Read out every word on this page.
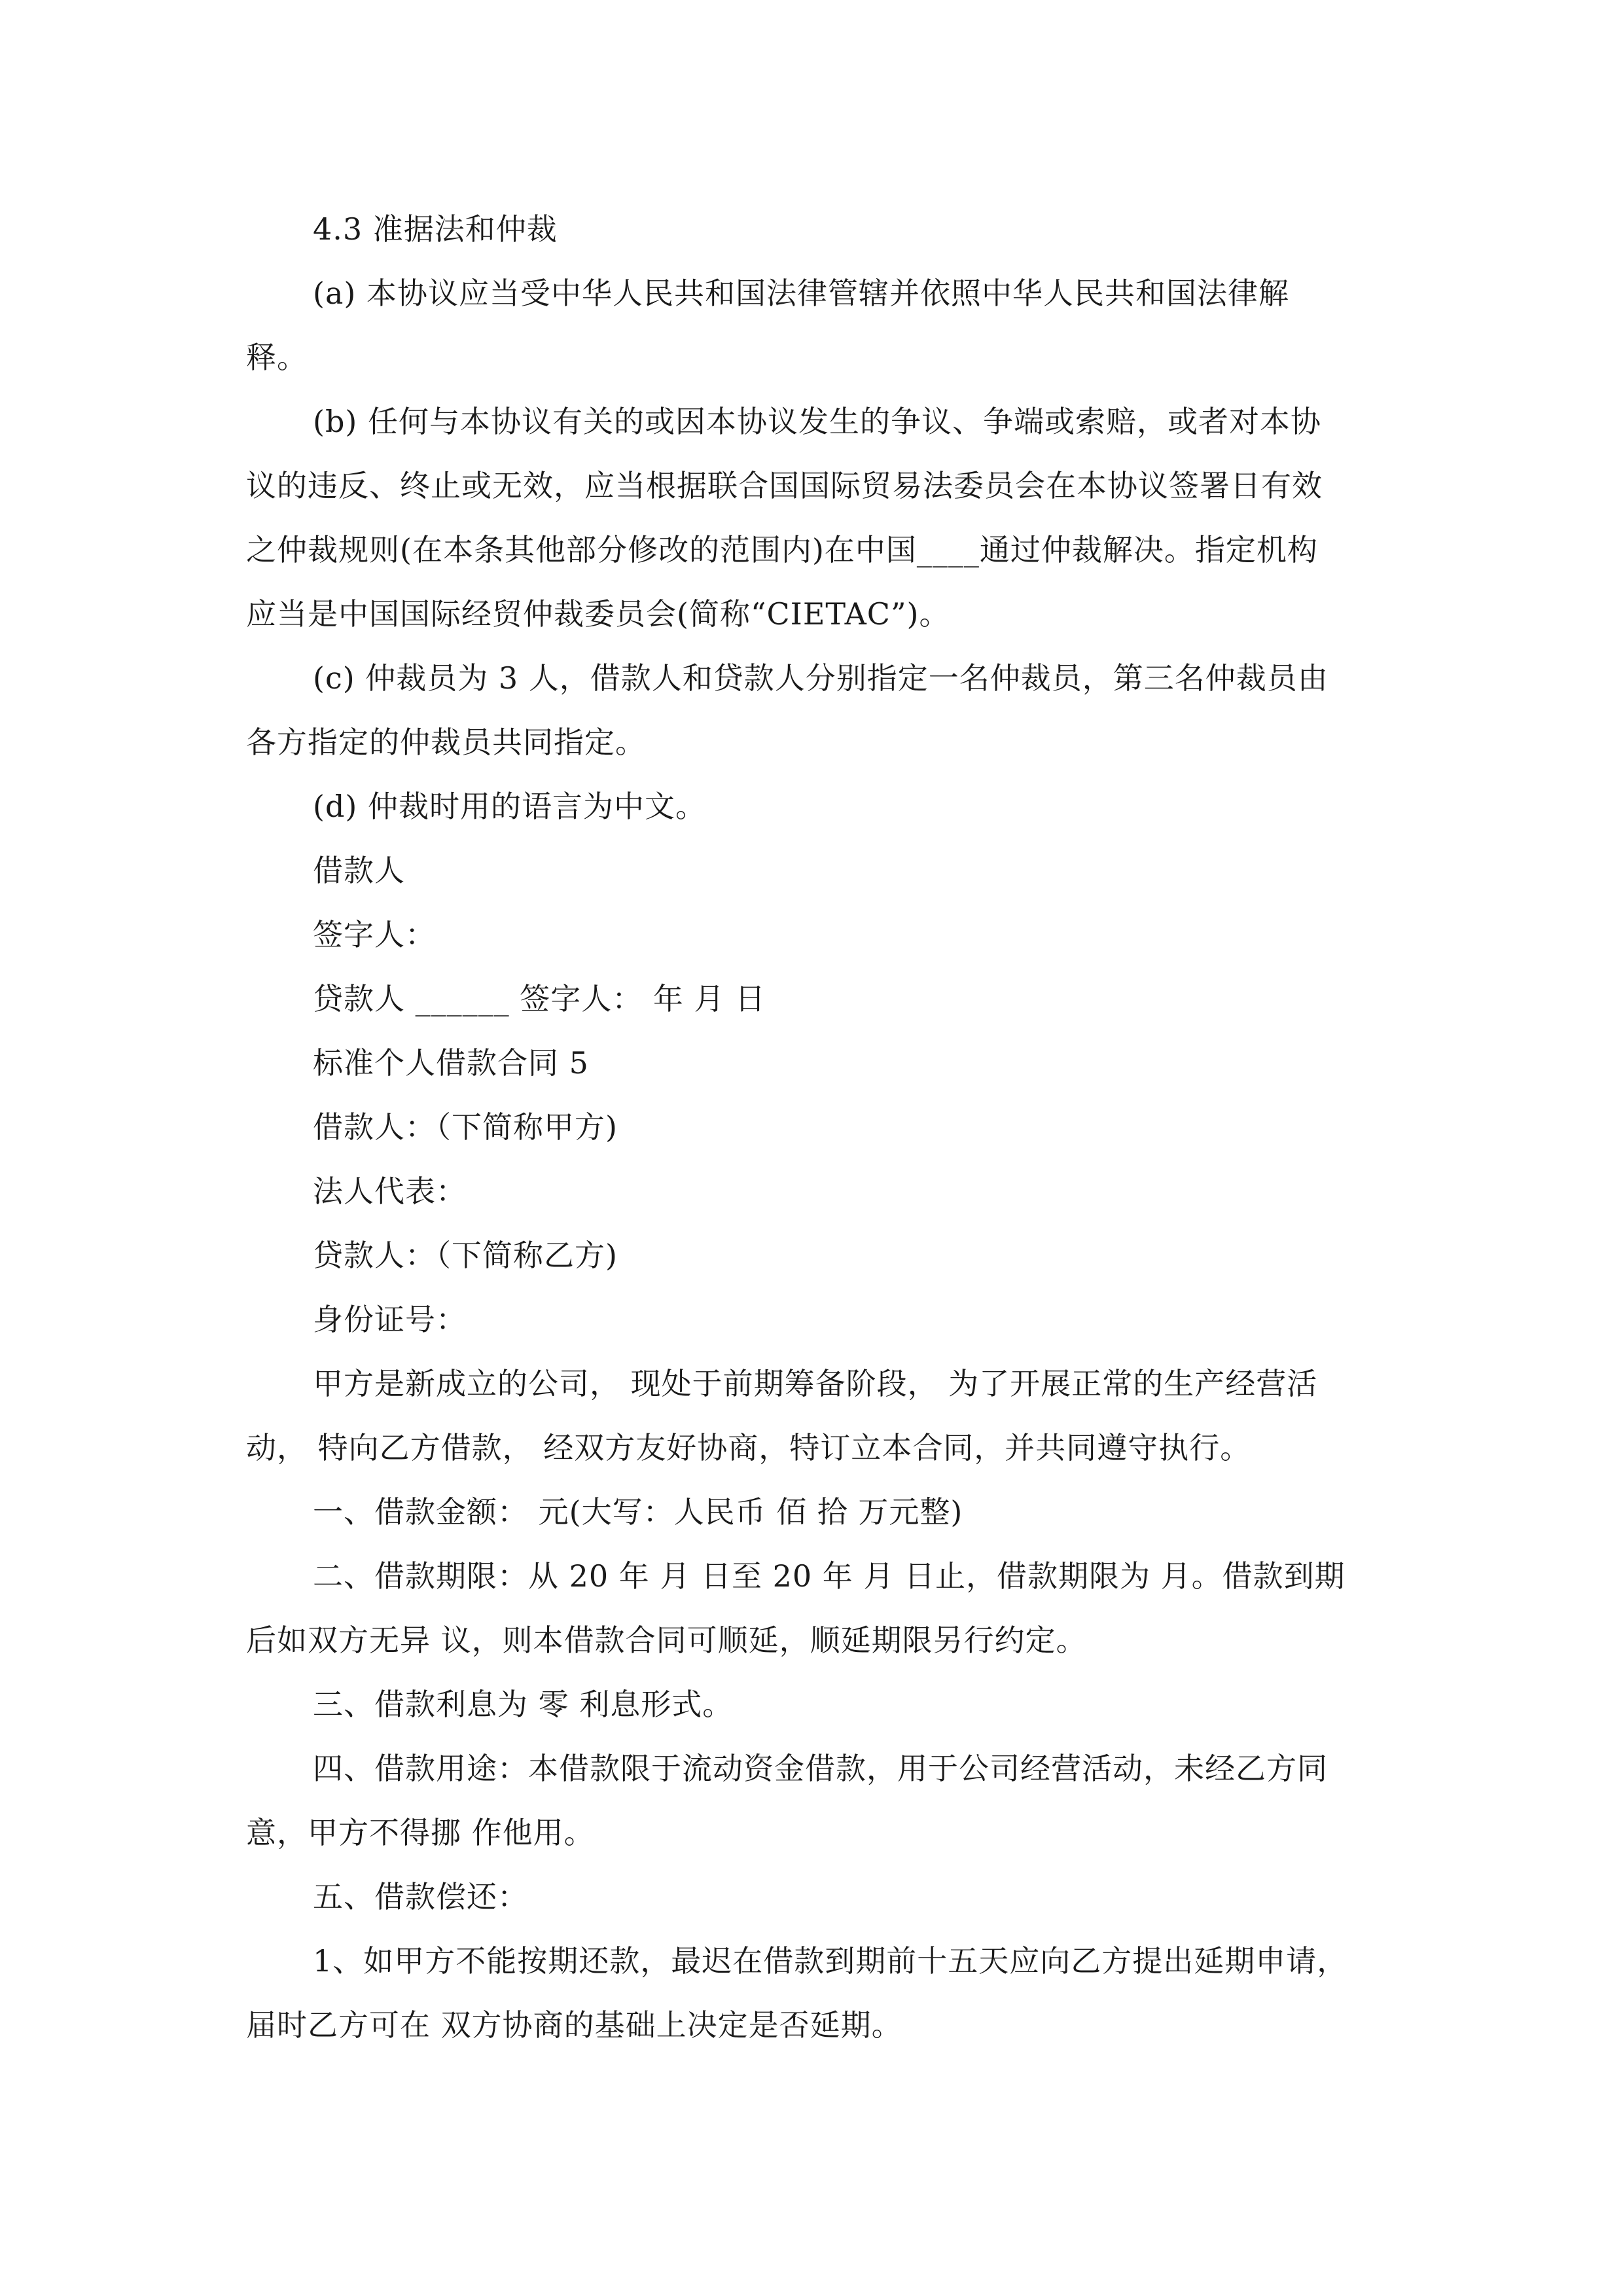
4.3 准据法和仲裁
(a) 本协议应当受中华人民共和国法律管辖并依照中华人民共和国法律解
释。
(b) 任何与本协议有关的或因本协议发生的争议、争端或索赔，或者对本协
议的违反、终止或无效，应当根据联合国国际贸易法委员会在本协议签署日有效
之仲裁规则(在本条其他部分修改的范围内)在中国____通过仲裁解决。指定机构
应当是中国国际经贸仲裁委员会(简称“CIETAC”)。
(c) 仲裁员为 3 人，借款人和贷款人分别指定一名仲裁员，第三名仲裁员由
各方指定的仲裁员共同指定。
(d) 仲裁时用的语言为中文。
借款人
签字人：
贷款人 ______ 签字人： 年 月 日
标准个人借款合同 5
借款人：（下简称甲方)
法人代表：
贷款人：（下简称乙方)
身份证号：
甲方是新成立的公司， 现处于前期筹备阶段， 为了开展正常的生产经营活
动， 特向乙方借款， 经双方友好协商，特订立本合同，并共同遵守执行。
一、借款金额： 元(大写：人民币 佰 拾 万元整)
二、借款期限：从 20 年 月 日至 20 年 月 日止，借款期限为 月。借款到期
后如双方无异 议，则本借款合同可顺延，顺延期限另行约定。
三、借款利息为 零 利息形式。
四、借款用途：本借款限于流动资金借款，用于公司经营活动，未经乙方同
意，甲方不得挪 作他用。
五、借款偿还：
1、如甲方不能按期还款，最迟在借款到期前十五天应向乙方提出延期申请，
届时乙方可在 双方协商的基础上决定是否延期。
